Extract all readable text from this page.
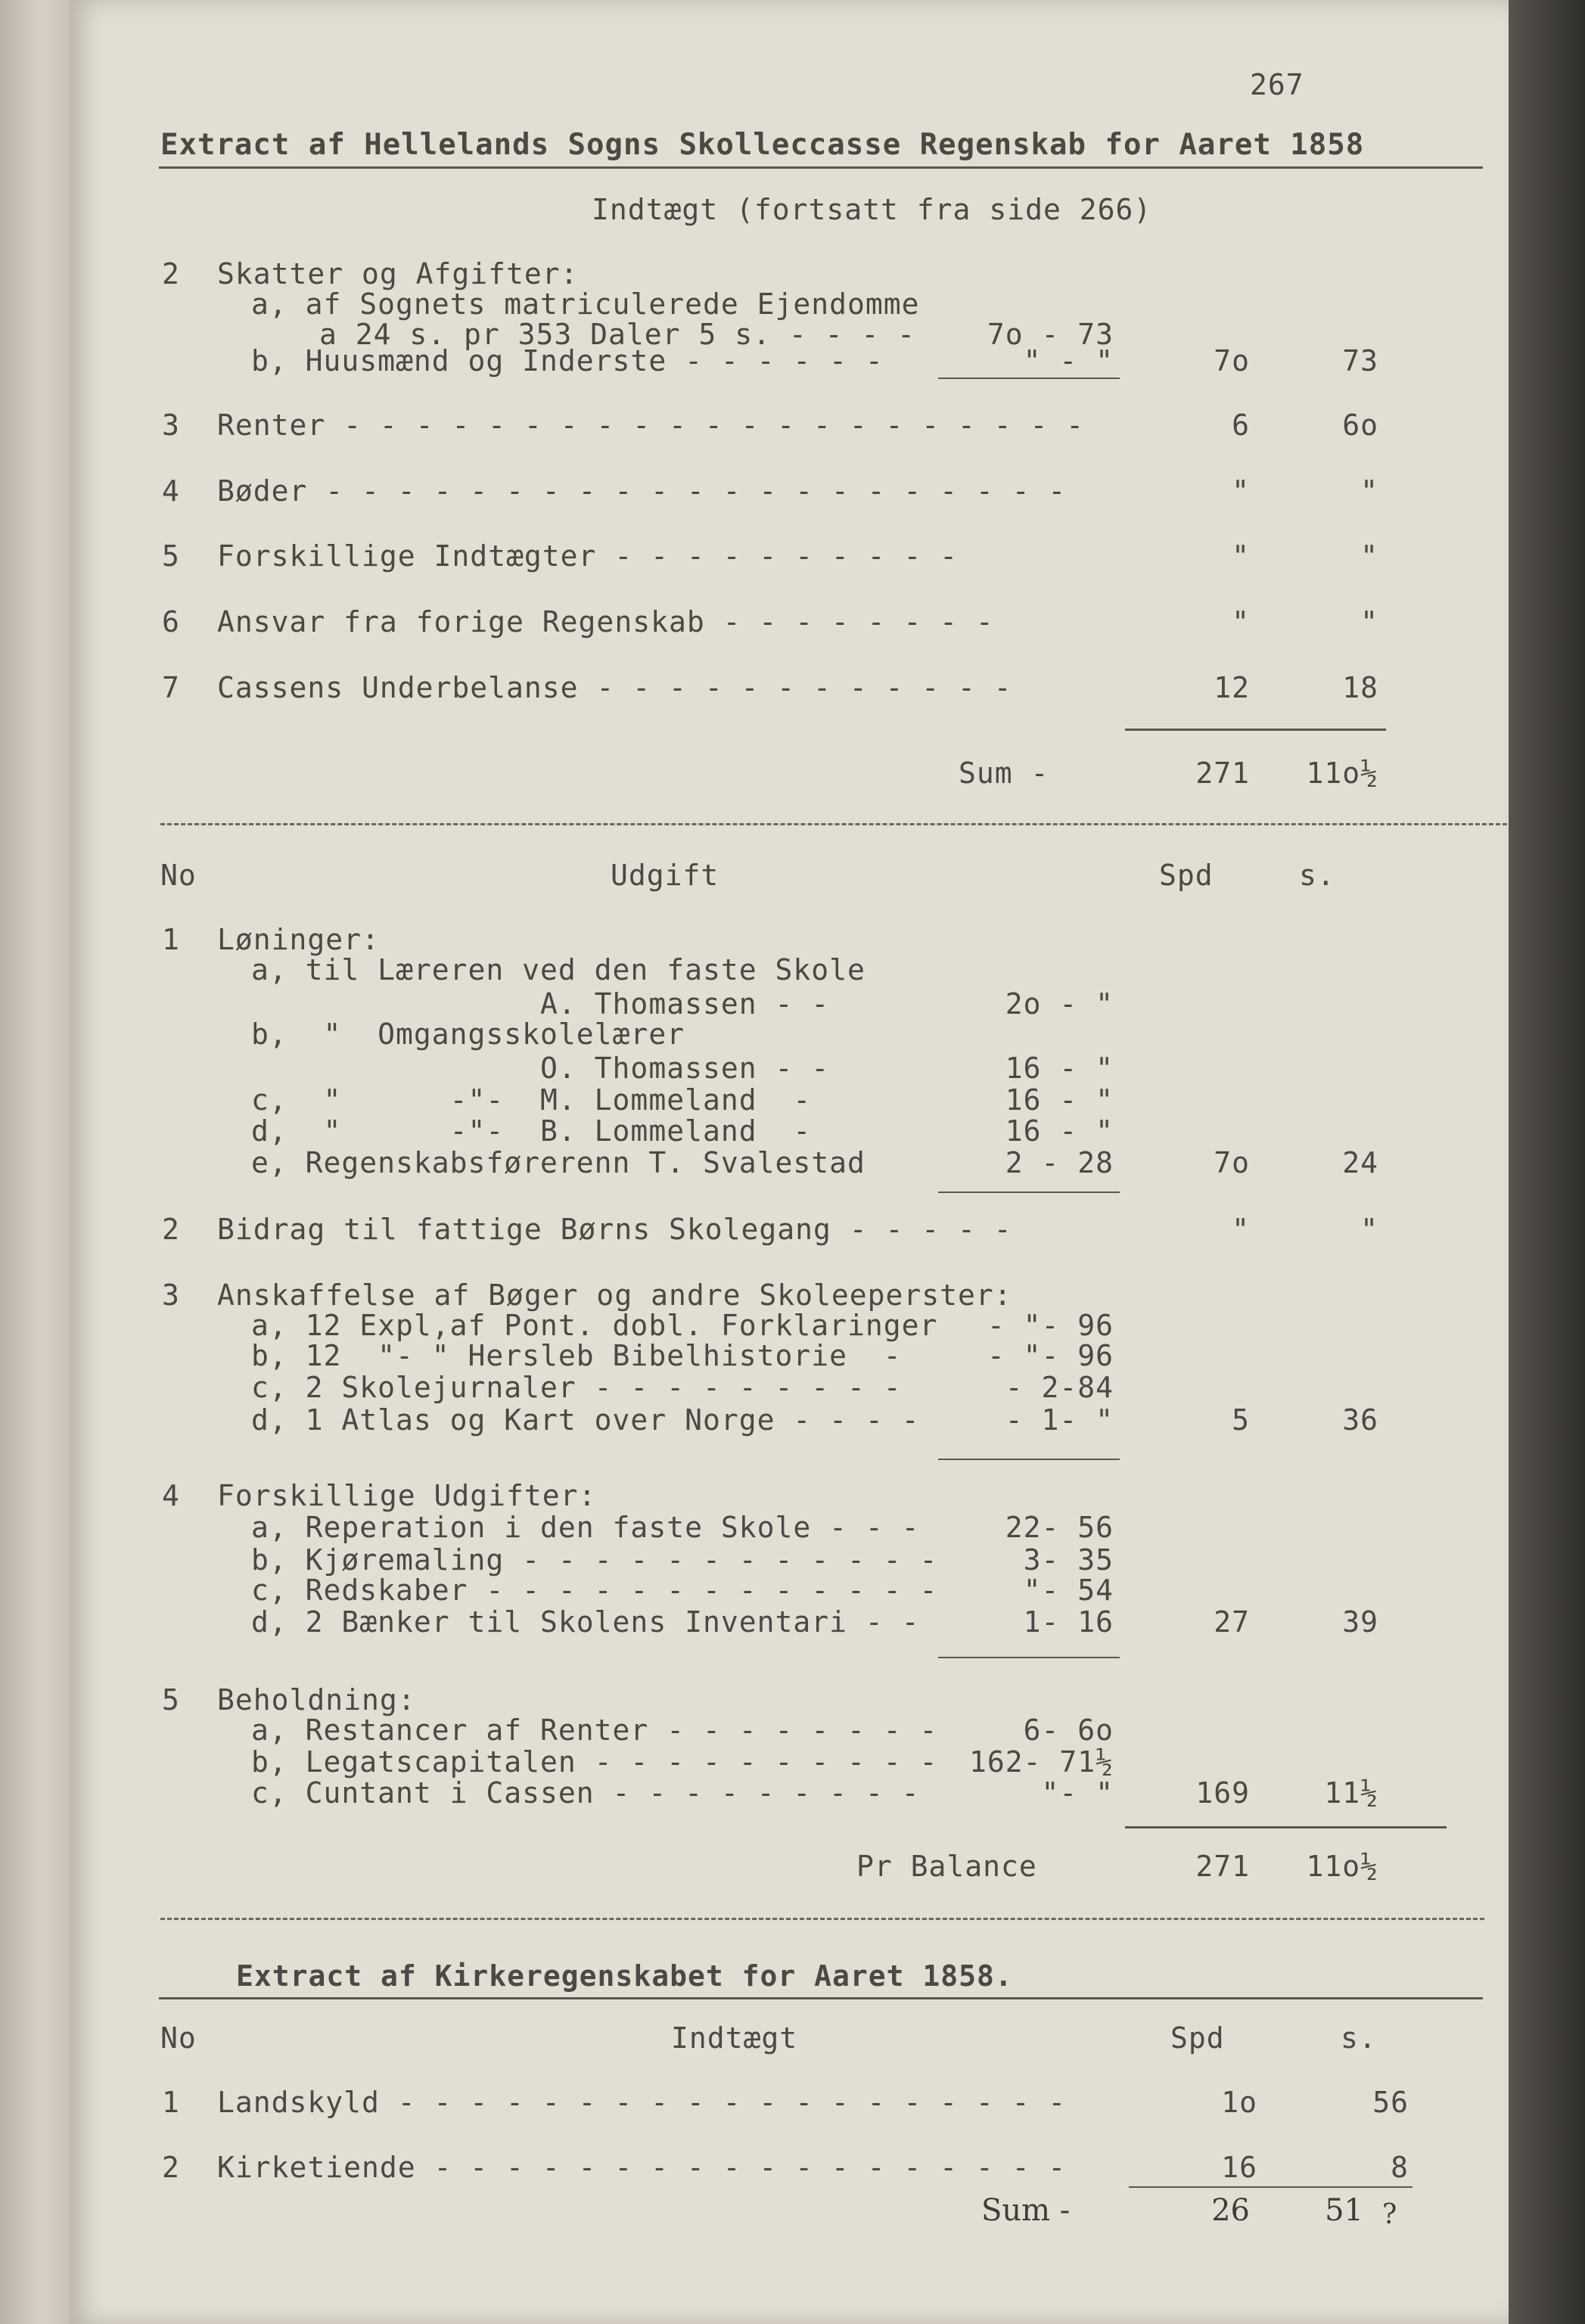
267
Extract af Hellelands Sogns Skolleccasse Regenskab for Aaret 1858
Indtægt (fortsatt fra side 266)
2 Skatter og Afgifter:
a, af Sognets matriculerede Ejendomme
a 24 s. pr 353 Daler 5 s. - - - -	7o - 73
b, Huusmænd og Inderste - - - - - -	" - "	7o	73
3 Renter - - - - - - - - - - - - - - - - - - - - -	6	6o
4 Bøder - - - - - - - - - - - - - - - - - - - - -	"	"
5 Forskillige Indtægter - - - - - - - - - -	"	"
6 Ansvar fra forige Regenskab - - - - - - - -	"	"
7 Cassens Underbelanse - - - - - - - - - - - -	12	18
Sum -	271	11o½
No	Udgift	Spd	s.
1 Løninger:
a, til Læreren ved den faste Skole
A. Thomassen - -	2o - "
b,  "  Omgangsskolelærer
O. Thomassen - -	16 - "
c,  "      -"-  M. Lommeland  -	16 - "
d,  "      -"-  B. Lommeland  -	16 - "
e, Regenskabsførerenn T. Svalestad	2 - 28	7o	24
2 Bidrag til fattige Børns Skolegang - - - - -	"	"
3 Anskaffelse af Bøger og andre Skoleeperster:
a, 12 Expl,af Pont. dobl. Forklaringer	- "- 96
b, 12  "- " Hersleb Bibelhistorie  -	- "- 96
c, 2 Skolejurnaler - - - - - - - - -	- 2-84
d, 1 Atlas og Kart over Norge - - - -	- 1- "	5	36
4 Forskillige Udgifter:
a, Reperation i den faste Skole - - -	22- 56
b, Kjøremaling - - - - - - - - - - - -	3- 35
c, Redskaber - - - - - - - - - - - - -	"- 54
d, 2 Bænker til Skolens Inventari - -	1- 16	27	39
5 Beholdning:
a, Restancer af Renter - - - - - - - -	6- 6o
b, Legatscapitalen - - - - - - - - - -	162- 71½
c, Cuntant i Cassen - - - - - - - - -	"- "	169	11½
Pr Balance	271	11o½
Extract af Kirkeregenskabet for Aaret 1858.
No	Indtægt	Spd	s.
1 Landskyld - - - - - - - - - - - - - - - - - - -	1o	56
2 Kirketiende - - - - - - - - - - - - - - - - - -	16	8
Sum -	26	51 ?
